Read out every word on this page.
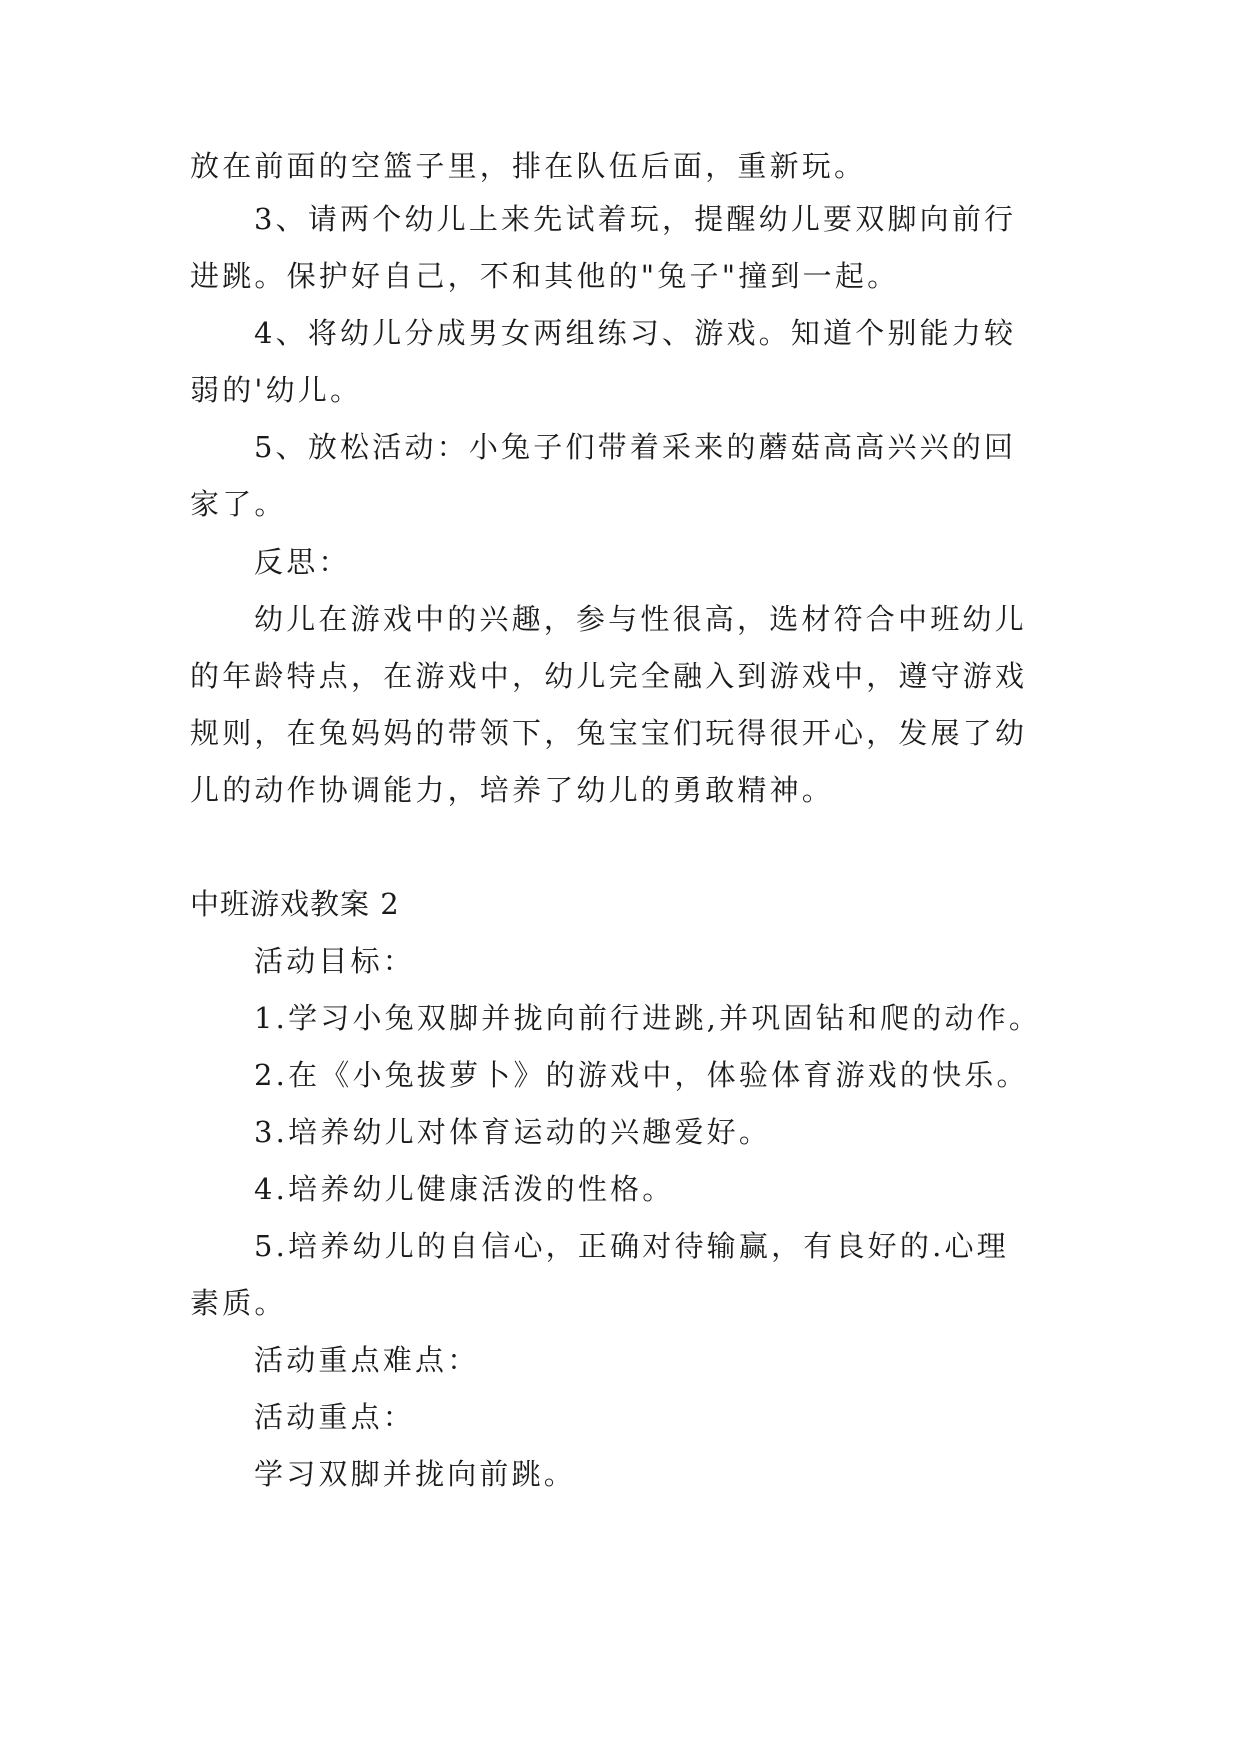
放在前面的空篮子里，排在队伍后面，重新玩。

3、请两个幼儿上来先试着玩，提醒幼儿要双脚向前行

进跳。保护好自己，不和其他的"兔子"撞到一起。

4、将幼儿分成男女两组练习、游戏。知道个别能力较

弱的'幼儿。

5、放松活动：小兔子们带着采来的蘑菇高高兴兴的回

家了。

反思：

幼儿在游戏中的兴趣，参与性很高，选材符合中班幼儿

的年龄特点，在游戏中，幼儿完全融入到游戏中，遵守游戏

规则，在兔妈妈的带领下，兔宝宝们玩得很开心，发展了幼

儿的动作协调能力，培养了幼儿的勇敢精神。

中班游戏教案 2

活动目标：

1.学习小兔双脚并拢向前行进跳,并巩固钻和爬的动作。

2.在《小兔拔萝卜》的游戏中，体验体育游戏的快乐。

3.培养幼儿对体育运动的兴趣爱好。

4.培养幼儿健康活泼的性格。

5.培养幼儿的自信心，正确对待输赢，有良好的.心理

素质。

活动重点难点：

活动重点：

学习双脚并拢向前跳。
